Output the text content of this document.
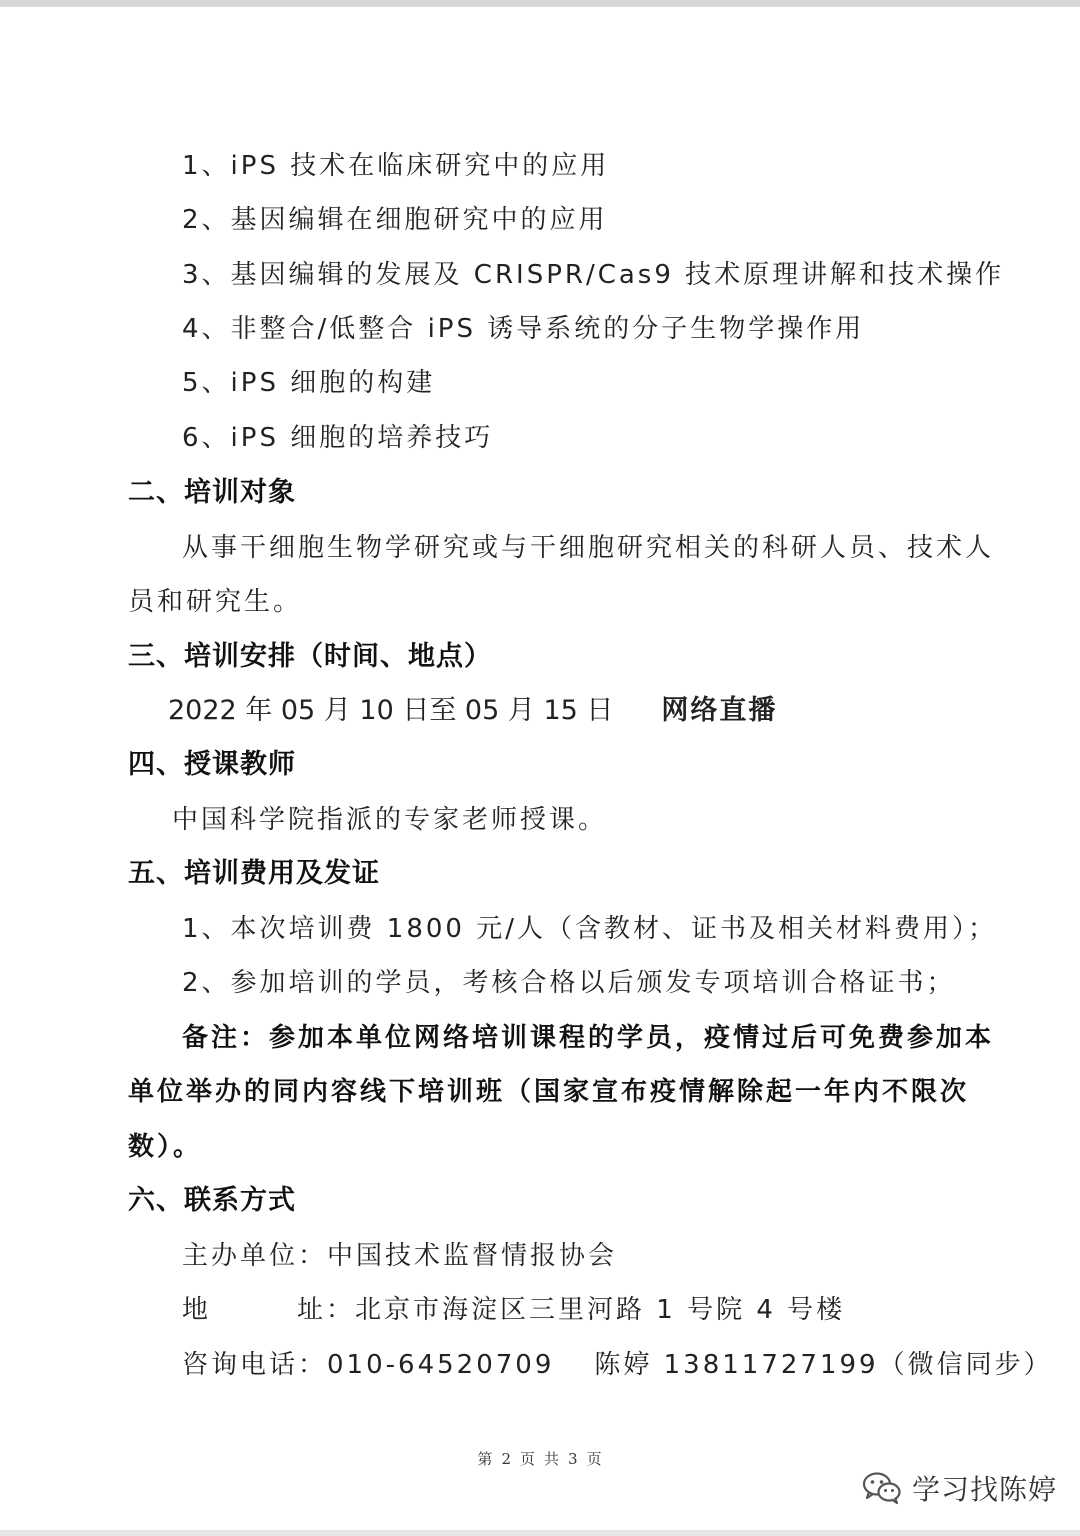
1、iPS 技术在临床研究中的应用
2、基因编辑在细胞研究中的应用
3、基因编辑的发展及 CRISPR/Cas9 技术原理讲解和技术操作
4、非整合/低整合 iPS 诱导系统的分子生物学操作用
5、iPS 细胞的构建
6、iPS 细胞的培养技巧
二、培训对象
从事干细胞生物学研究或与干细胞研究相关的科研人员、技术人
员和研究生。
三、培训安排（时间、地点）
2022 年 05 月 10 日至 05 月 15 日 网络直播
四、授课教师
中国科学院指派的专家老师授课。
五、培训费用及发证
1、本次培训费 1800 元/人（含教材、证书及相关材料费用）；
2、参加培训的学员，考核合格以后颁发专项培训合格证书；
备注：参加本单位网络培训课程的学员，疫情过后可免费参加本
单位举办的同内容线下培训班（国家宣布疫情解除起一年内不限次
数）。
六、联系方式
主办单位：中国技术监督情报协会
地	址：北京市海淀区三里河路 1 号院 4 号楼
咨询电话：010-64520709 陈婷 13811727199（微信同步）
第 2 页 共 3 页
学习找陈婷
